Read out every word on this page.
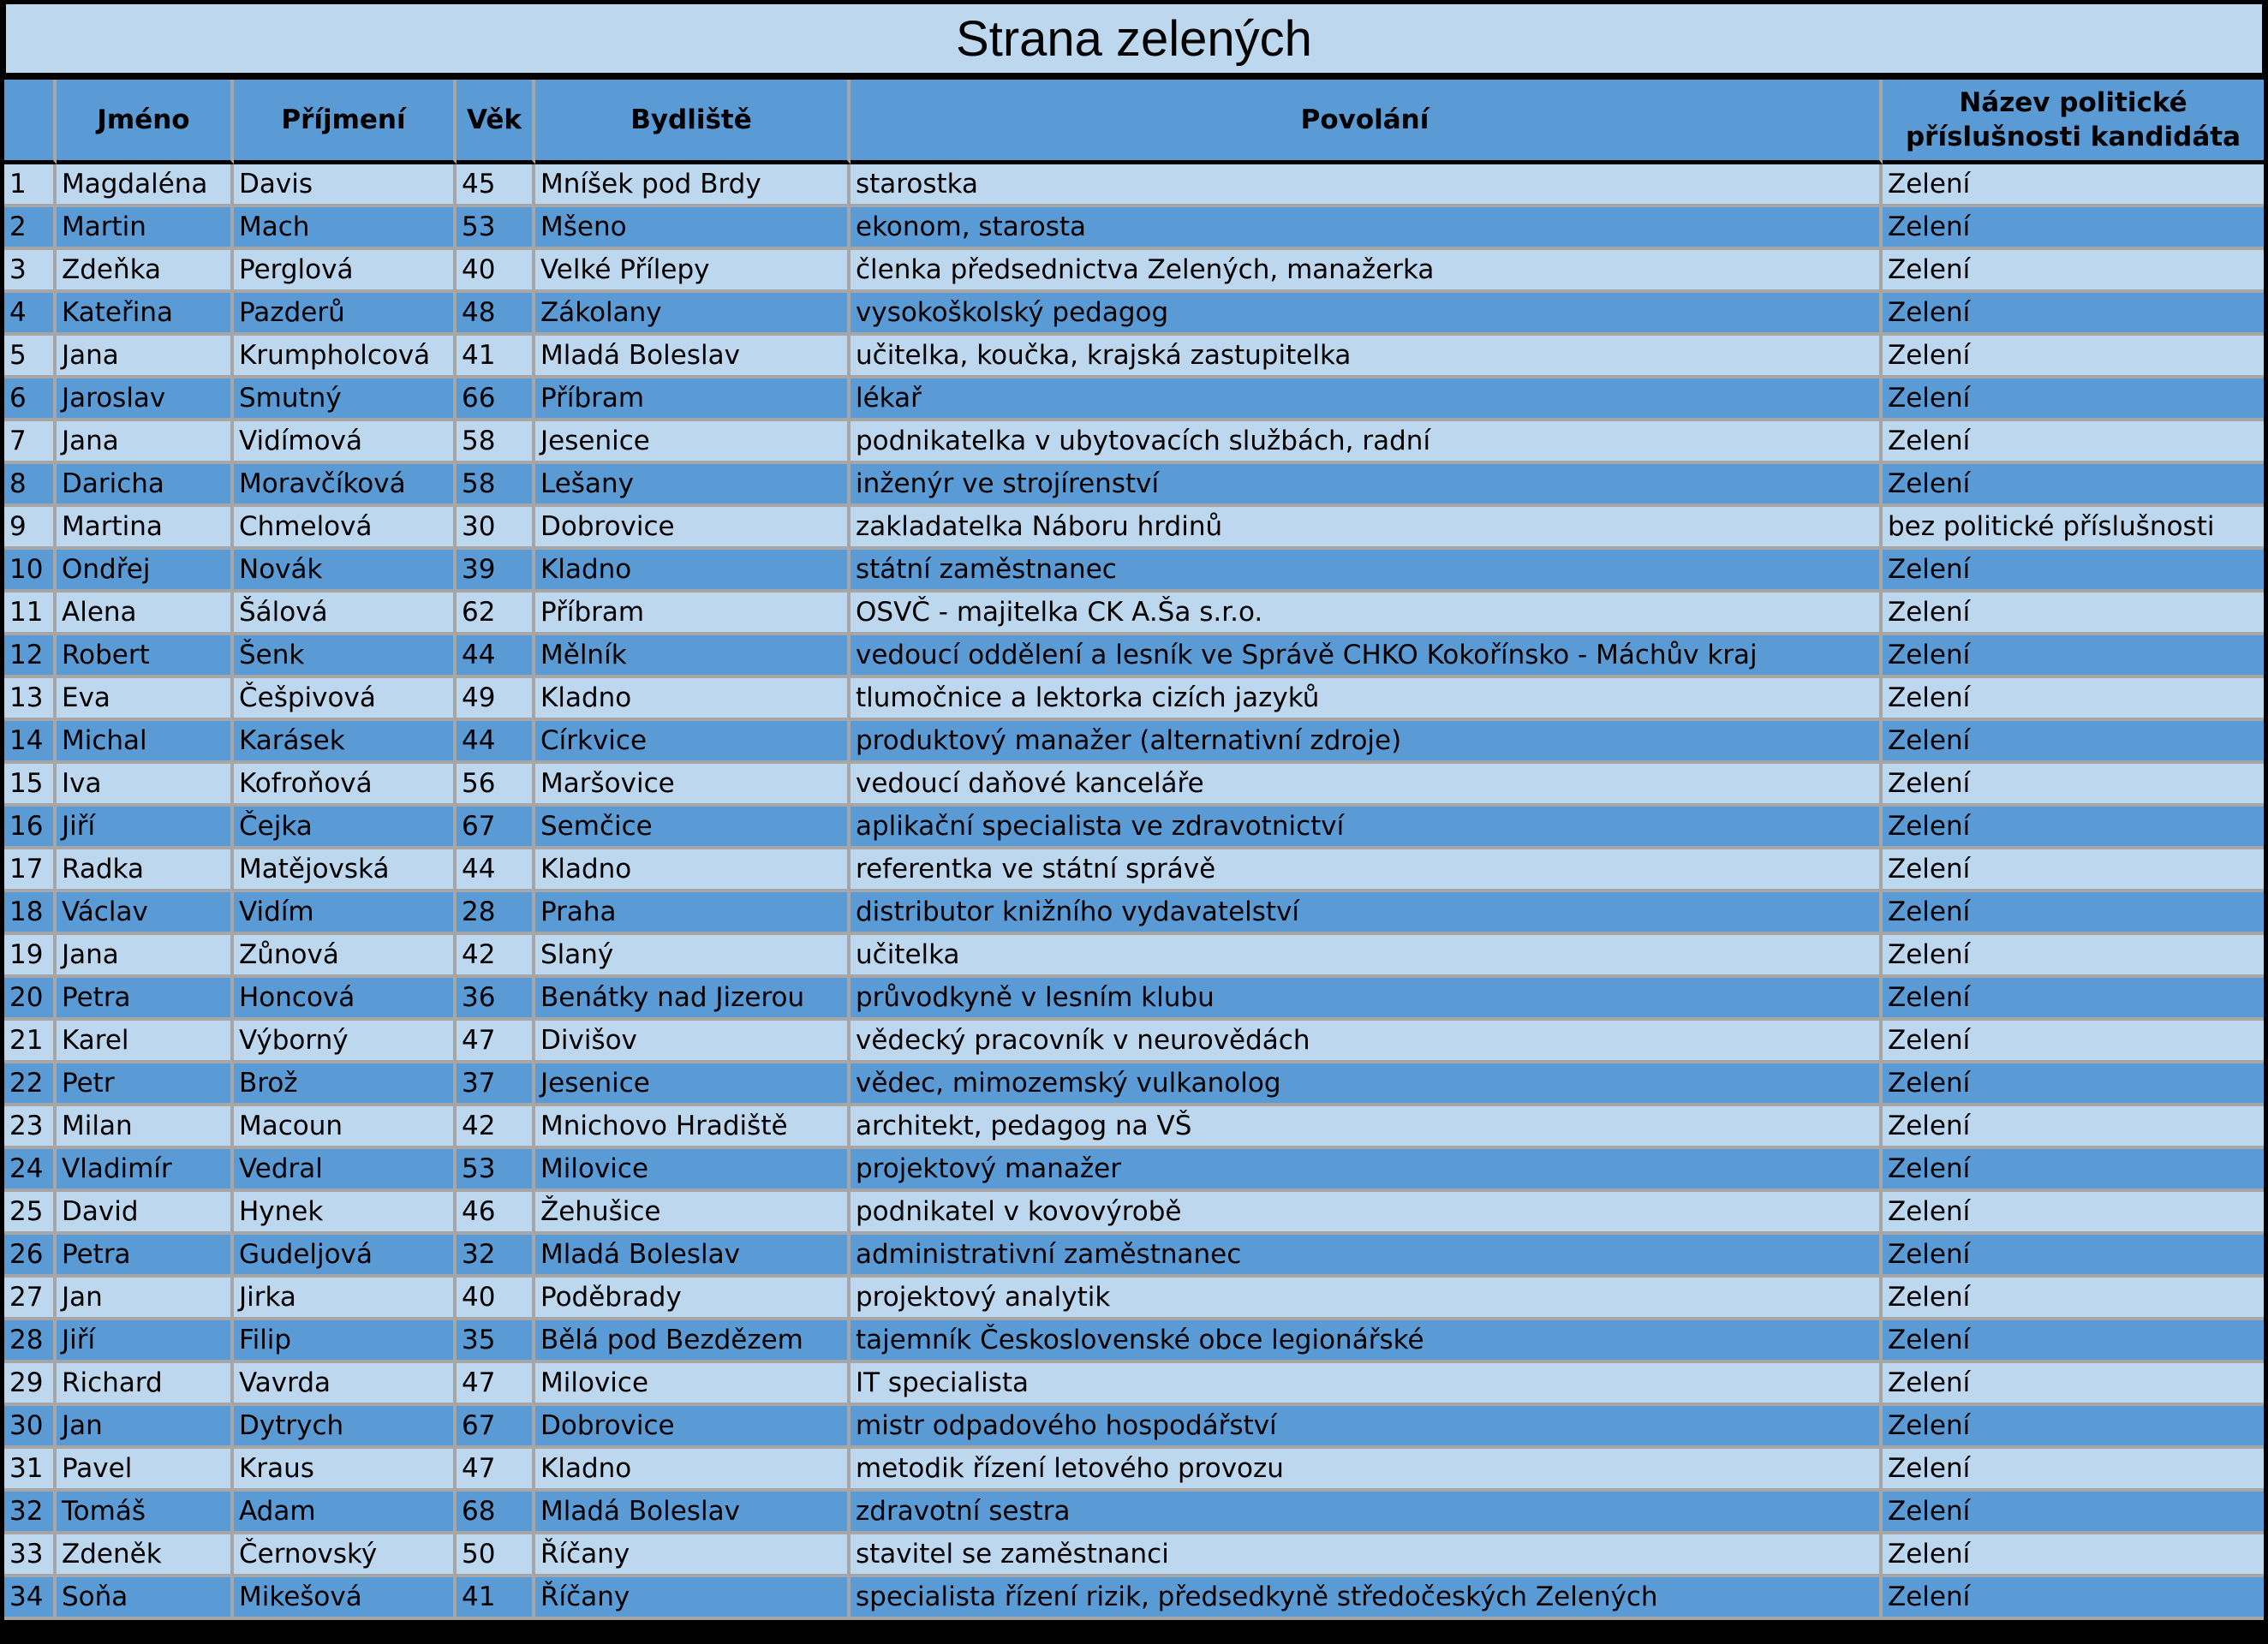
Strana zelených
	Jméno	Příjmení	Věk	Bydliště	Povolání	Název politické příslušnosti kandidáta
1	Magdaléna	Davis	45	Mníšek pod Brdy	starostka	Zelení
2	Martin	Mach	53	Mšeno	ekonom, starosta	Zelení
3	Zdeňka	Perglová	40	Velké Přílepy	členka předsednictva Zelených, manažerka	Zelení
4	Kateřina	Pazderů	48	Zákolany	vysokoškolský pedagog	Zelení
5	Jana	Krumpholcová	41	Mladá Boleslav	učitelka, koučka, krajská zastupitelka	Zelení
6	Jaroslav	Smutný	66	Příbram	lékař	Zelení
7	Jana	Vidímová	58	Jesenice	podnikatelka v ubytovacích službách, radní	Zelení
8	Daricha	Moravčíková	58	Lešany	inženýr ve strojírenství	Zelení
9	Martina	Chmelová	30	Dobrovice	zakladatelka Náboru hrdinů	bez politické příslušnosti
10	Ondřej	Novák	39	Kladno	státní zaměstnanec	Zelení
11	Alena	Šálová	62	Příbram	OSVČ - majitelka CK A.Ša s.r.o.	Zelení
12	Robert	Šenk	44	Mělník	vedoucí oddělení a lesník ve Správě CHKO Kokořínsko - Máchův kraj	Zelení
13	Eva	Češpivová	49	Kladno	tlumočnice a lektorka cizích jazyků	Zelení
14	Michal	Karásek	44	Církvice	produktový manažer (alternativní zdroje)	Zelení
15	Iva	Kofroňová	56	Maršovice	vedoucí daňové kanceláře	Zelení
16	Jiří	Čejka	67	Semčice	aplikační specialista ve zdravotnictví	Zelení
17	Radka	Matějovská	44	Kladno	referentka ve státní správě	Zelení
18	Václav	Vidím	28	Praha	distributor knižního vydavatelství	Zelení
19	Jana	Zůnová	42	Slaný	učitelka	Zelení
20	Petra	Honcová	36	Benátky nad Jizerou	průvodkyně v lesním klubu	Zelení
21	Karel	Výborný	47	Divišov	vědecký pracovník v neurovědách	Zelení
22	Petr	Brož	37	Jesenice	vědec, mimozemský vulkanolog	Zelení
23	Milan	Macoun	42	Mnichovo Hradiště	architekt, pedagog na VŠ	Zelení
24	Vladimír	Vedral	53	Milovice	projektový manažer	Zelení
25	David	Hynek	46	Žehušice	podnikatel v kovovýrobě	Zelení
26	Petra	Gudeljová	32	Mladá Boleslav	administrativní zaměstnanec	Zelení
27	Jan	Jirka	40	Poděbrady	projektový analytik	Zelení
28	Jiří	Filip	35	Bělá pod Bezdězem	tajemník Československé obce legionářské	Zelení
29	Richard	Vavrda	47	Milovice	IT specialista	Zelení
30	Jan	Dytrych	67	Dobrovice	mistr odpadového hospodářství	Zelení
31	Pavel	Kraus	47	Kladno	metodik řízení letového provozu	Zelení
32	Tomáš	Adam	68	Mladá Boleslav	zdravotní sestra	Zelení
33	Zdeněk	Černovský	50	Říčany	stavitel se zaměstnanci	Zelení
34	Soňa	Mikešová	41	Říčany	specialista řízení rizik, předsedkyně středočeských Zelených	Zelení
